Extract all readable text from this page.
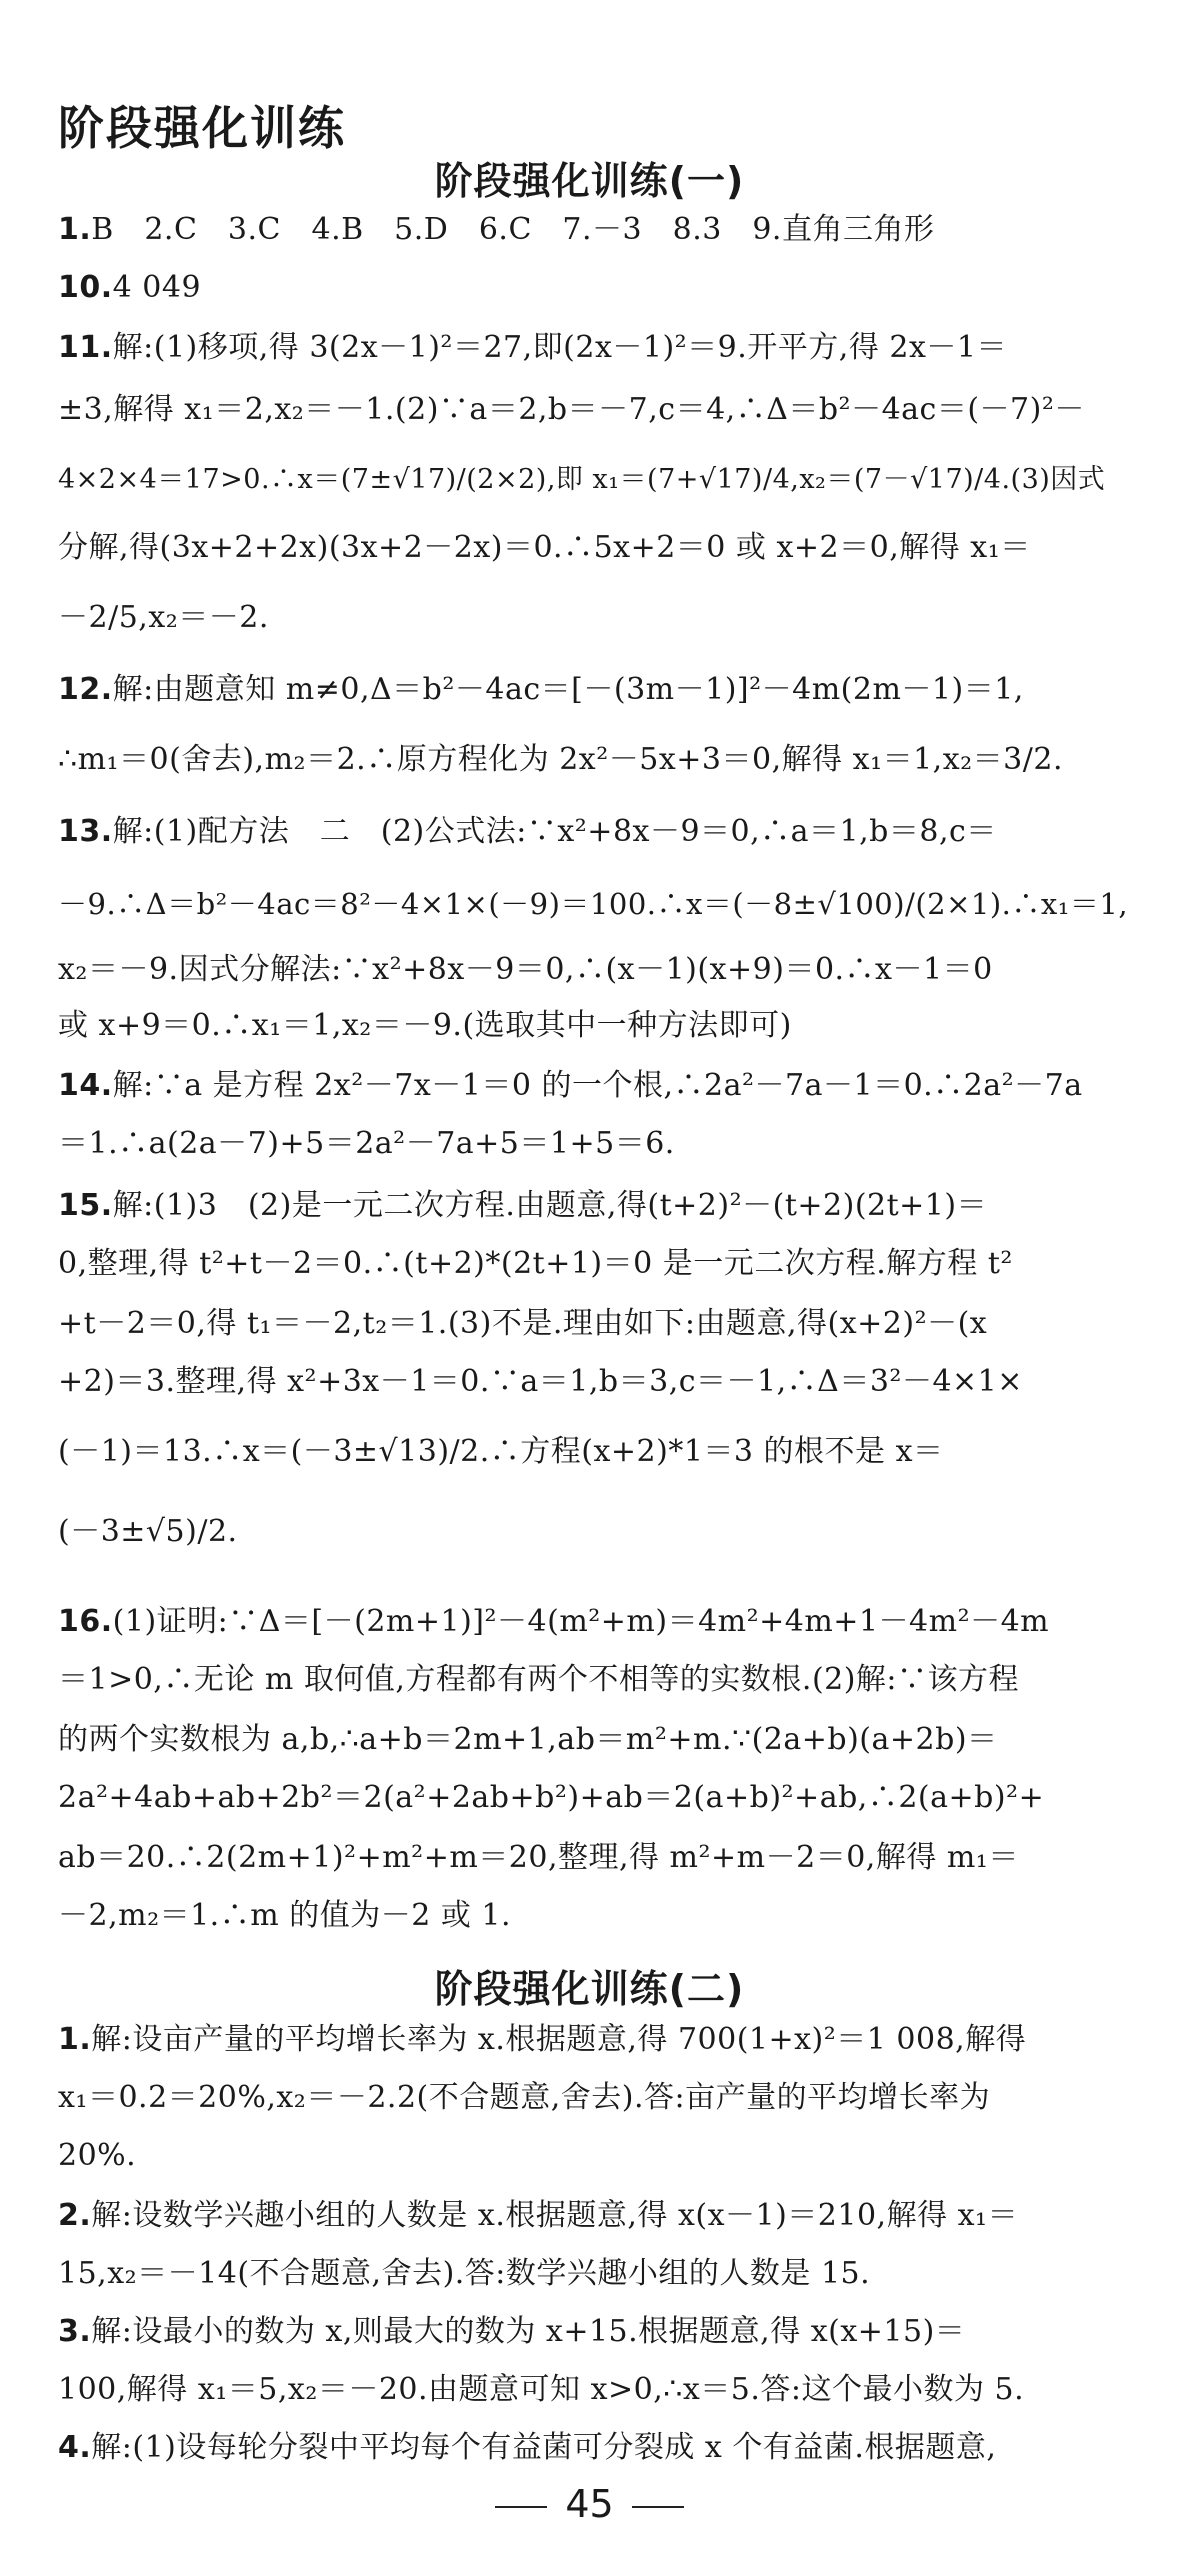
阶段强化训练
阶段强化训练(一)
1.B　2.C　3.C　4.B　5.D　6.C　7.－3　8.3　9.直角三角形
10.4 049
11.解:(1)移项,得 3(2x－1)²＝27,即(2x－1)²＝9.开平方,得 2x－1＝
±3,解得 x₁＝2,x₂＝－1.(2)∵a＝2,b＝－7,c＝4,∴Δ＝b²－4ac＝(－7)²－
4×2×4＝17>0.∴x＝(7±√17)/(2×2),即 x₁＝(7+√17)/4,x₂＝(7－√17)/4.(3)因式
分解,得(3x+2+2x)(3x+2－2x)＝0.∴5x+2＝0 或 x+2＝0,解得 x₁＝
－2/5,x₂＝－2.
12.解:由题意知 m≠0,Δ＝b²－4ac＝[－(3m－1)]²－4m(2m－1)＝1,
∴m₁＝0(舍去),m₂＝2.∴原方程化为 2x²－5x+3＝0,解得 x₁＝1,x₂＝3/2.
13.解:(1)配方法　二　(2)公式法:∵x²+8x－9＝0,∴a＝1,b＝8,c＝
－9.∴Δ＝b²－4ac＝8²－4×1×(－9)＝100.∴x＝(－8±√100)/(2×1).∴x₁＝1,
x₂＝－9.因式分解法:∵x²+8x－9＝0,∴(x－1)(x+9)＝0.∴x－1＝0
或 x+9＝0.∴x₁＝1,x₂＝－9.(选取其中一种方法即可)
14.解:∵a 是方程 2x²－7x－1＝0 的一个根,∴2a²－7a－1＝0.∴2a²－7a
＝1.∴a(2a－7)+5＝2a²－7a+5＝1+5＝6.
15.解:(1)3　(2)是一元二次方程.由题意,得(t+2)²－(t+2)(2t+1)＝
0,整理,得 t²+t－2＝0.∴(t+2)*(2t+1)＝0 是一元二次方程.解方程 t²
+t－2＝0,得 t₁＝－2,t₂＝1.(3)不是.理由如下:由题意,得(x+2)²－(x
+2)＝3.整理,得 x²+3x－1＝0.∵a＝1,b＝3,c＝－1,∴Δ＝3²－4×1×
(－1)＝13.∴x＝(－3±√13)/2.∴方程(x+2)*1＝3 的根不是 x＝
(－3±√5)/2.
16.(1)证明:∵Δ＝[－(2m+1)]²－4(m²+m)＝4m²+4m+1－4m²－4m
＝1>0,∴无论 m 取何值,方程都有两个不相等的实数根.(2)解:∵该方程
的两个实数根为 a,b,∴a+b＝2m+1,ab＝m²+m.∵(2a+b)(a+2b)＝
2a²+4ab+ab+2b²＝2(a²+2ab+b²)+ab＝2(a+b)²+ab,∴2(a+b)²+
ab＝20.∴2(2m+1)²+m²+m＝20,整理,得 m²+m－2＝0,解得 m₁＝
－2,m₂＝1.∴m 的值为－2 或 1.
阶段强化训练(二)
1.解:设亩产量的平均增长率为 x.根据题意,得 700(1+x)²＝1 008,解得
x₁＝0.2＝20%,x₂＝－2.2(不合题意,舍去).答:亩产量的平均增长率为
20%.
2.解:设数学兴趣小组的人数是 x.根据题意,得 x(x－1)＝210,解得 x₁＝
15,x₂＝－14(不合题意,舍去).答:数学兴趣小组的人数是 15.
3.解:设最小的数为 x,则最大的数为 x+15.根据题意,得 x(x+15)＝
100,解得 x₁＝5,x₂＝－20.由题意可知 x>0,∴x＝5.答:这个最小数为 5.
4.解:(1)设每轮分裂中平均每个有益菌可分裂成 x 个有益菌.根据题意,
45
